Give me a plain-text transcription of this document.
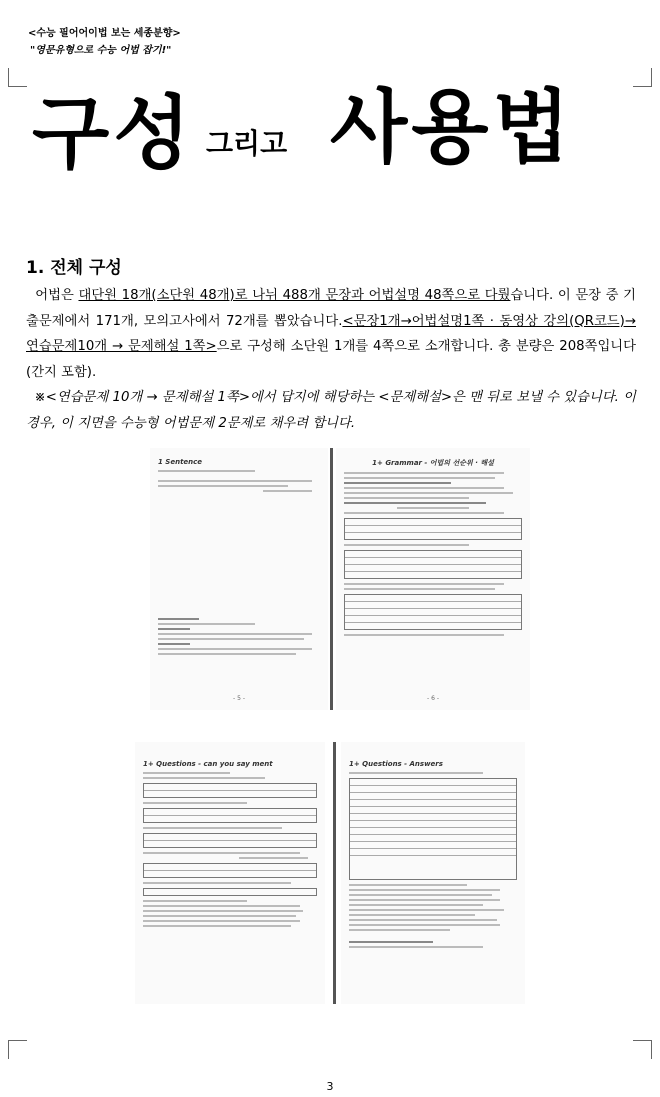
<수능 필어어이법 보는 세종분향>
"영문유형으로 수능 어법 잡기!"
구성 그리고 사용법
1. 전체 구성

어법은 대단원 18개(소단원 48개)로 나뉘 488개 문장과 어법설명 48쪽으로 다뤘습니다. 이 문장 중 기출문제에서 171개, 모의고사에서 72개를 뽑았습니다.<문장1개→어법설명1쪽 · 동영상 강의(QR코드)→연습문제10개 → 문제해설 1쪽>으로 구성해 소단원 1개를 4쪽으로 소개합니다. 총 분량은 208쪽입니다(간지 포함).

※<연습문제 10개 → 문제해설 1쪽>에서 답지에 해당하는 <문제해설>은 맨 뒤로 보낼 수 있습니다. 이 경우, 이 지면을 수능형 어법문제 2문제로 채우려 합니다.

1 Sentence
- 5 -
1+ Grammar - 어법의 선순위 · 해설
- 6 -
1+ Questions - can you say ment	1+ Questions - Answers
3
